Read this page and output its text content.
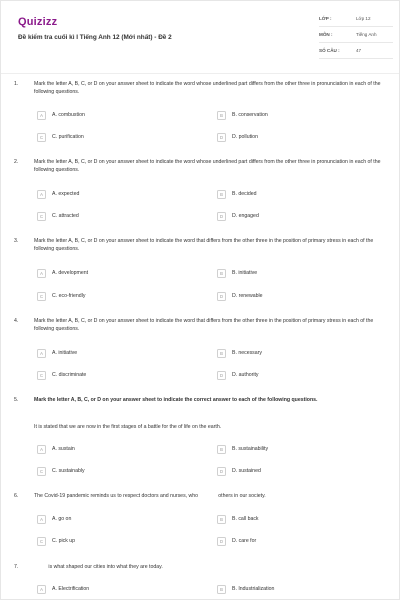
Quizizz
Đề kiểm tra cuối kì I Tiếng Anh 12 (Mới nhất) - Đề 2
LỚP :	Lớp 12
MÔN :	Tiếng Anh
SỐ CÂU :	47
1.	Mark the letter A, B, C, or D on your answer sheet to indicate the word whose underlined part differs from the other three in pronunciation in each of the following questions.
A	A. combustion	B	B. conservation
C	C. purification	D	D. pollution
2.	Mark the letter A, B, C, or D on your answer sheet to indicate the word whose underlined part differs from the other three in pronunciation in each of the following questions.
A	A. expected	B	B. decided
C	C. attracted	D	D. engaged
3.	Mark the letter A, B, C, or D on your answer sheet to indicate the word that differs from the other three in the position of primary stress in each of the following questions.
A	A. development	B	B. initiative
C	C. eco-friendly	D	D. renewable
4.	Mark the letter A, B, C, or D on your answer sheet to indicate the word that differs from the other three in the position of primary stress in each of the following questions.
A	A. initiative	B	B. necessary
C	C. discriminate	D	D. authority
5.	Mark the letter A, B, C, or D on your answer sheet to indicate the correct answer to each of the following questions.
It is stated that we are now in the first stages of a battle for the of life on the earth.
A	A. sustain	B	B. sustainability
C	C. sustainably	D	D. sustained
6.	The Covid-19 pandemic reminds us to respect doctors and nurses, who              others in our society.
A	A. go on	B	B. call back
C	C. pick up	D	D. care for
7.	is what shaped our cities into what they are today.
A	A. Electrification	B	B. Industrialization
